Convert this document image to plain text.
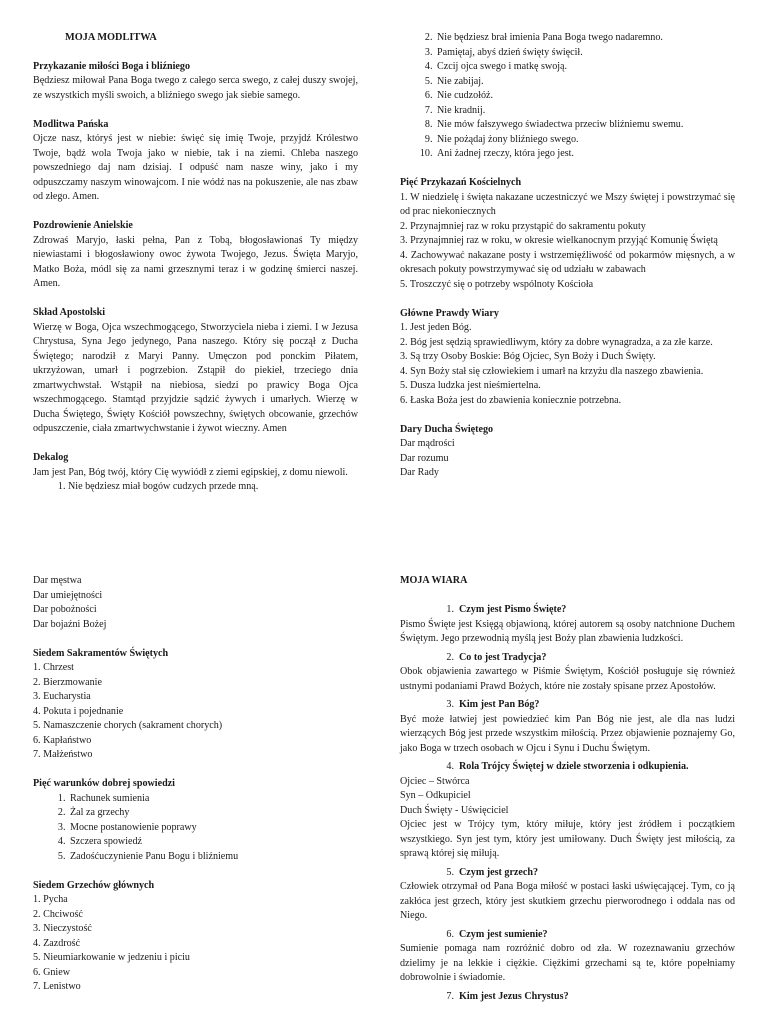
MOJA MODLITWA
Przykazanie miłości Boga i bliźniego
Będziesz miłował Pana Boga twego z całego serca swego, z całej duszy swojej, ze wszystkich myśli swoich, a bliźniego swego jak siebie samego.
Modlitwa Pańska
Ojcze nasz, któryś jest w niebie: święć się imię Twoje, przyjdź Królestwo Twoje, bądź wola Twoja jako w niebie, tak i na ziemi. Chleba naszego powszedniego daj nam dzisiaj. I odpuść nam nasze winy, jako i my odpuszczamy naszym winowajcom. I nie wódź nas na pokuszenie, ale nas zbaw od złego. Amen.
Pozdrowienie Anielskie
Zdrowaś Maryjo, łaski pełna, Pan z Tobą, błogosławionaś Ty między niewiastami i błogosławiony owoc żywota Twojego, Jezus. Święta Maryjo, Matko Boża, módl się za nami grzesznymi teraz i w godzinę śmierci naszej. Amen.
Skład Apostolski
Wierzę w Boga, Ojca wszechmogącego, Stworzyciela nieba i ziemi. I w Jezusa Chrystusa, Syna Jego jedynego, Pana naszego. Który się począł z Ducha Świętego; narodził z Maryi Panny. Umęczon pod ponckim Piłatem, ukrzyżowan, umarł i pogrzebion. Zstąpił do piekieł, trzeciego dnia zmartwychwstał. Wstąpił na niebiosa, siedzi po prawicy Boga Ojca wszechmogącego. Stamtąd przyjdzie sądzić żywych i umarłych. Wierzę w Ducha Świętego, Święty Kościół powszechny, świętych obcowanie, grzechów odpuszczenie, ciała zmartwychwstanie i żywot wieczny. Amen
Dekalog
Jam jest Pan, Bóg twój, który Cię wywiódł z ziemi egipskiej, z domu niewoli.
1. Nie będziesz miał bogów cudzych przede mną.
2. Nie będziesz brał imienia Pana Boga twego nadaremno.
3. Pamiętaj, abyś dzień święty święcił.
4. Czcij ojca swego i matkę swoją.
5. Nie zabijaj.
6. Nie cudzołóż.
7. Nie kradnij.
8. Nie mów fałszywego świadectwa przeciw bliźniemu swemu.
9. Nie pożądaj żony bliźniego swego.
10. Ani żadnej rzeczy, która jego jest.
Pięć Przykazań Kościelnych
1. W niedzielę i święta nakazane uczestniczyć we Mszy świętej i powstrzymać się od prac niekoniecznych
2. Przynajmniej raz w roku przystąpić do sakramentu pokuty
3. Przynajmniej raz w roku, w okresie wielkanocnym przyjąć Komunię Świętą
4. Zachowywać nakazane posty i wstrzemięźliwość od pokarmów mięsnych, a w okresach pokuty powstrzymywać się od udziału w zabawach
5. Troszczyć się o potrzeby wspólnoty Kościoła
Główne Prawdy Wiary
1. Jest jeden Bóg.
2. Bóg jest sędzią sprawiedliwym, który za dobre wynagradza, a za złe karze.
3. Są trzy Osoby Boskie: Bóg Ojciec, Syn Boży i Duch Święty.
4. Syn Boży stał się człowiekiem i umarł na krzyżu dla naszego zbawienia.
5. Dusza ludzka jest nieśmiertelna.
6. Łaska Boża jest do zbawienia koniecznie potrzebna.
Dary Ducha Świętego
Dar mądrości
Dar rozumu
Dar Rady
Dar męstwa
Dar umiejętności
Dar pobożności
Dar bojaźni Bożej
Siedem Sakramentów Świętych
1. Chrzest
2. Bierzmowanie
3. Eucharystia
4. Pokuta i pojednanie
5. Namaszczenie chorych (sakrament chorych)
6. Kapłaństwo
7. Małżeństwo
Pięć warunków dobrej spowiedzi
1. Rachunek sumienia
2. Żal za grzechy
3. Mocne postanowienie poprawy
4. Szczera spowiedź
5. Zadośćuczynienie Panu Bogu i bliźniemu
Siedem Grzechów głównych
1. Pycha
2. Chciwość
3. Nieczystość
4. Zazdrość
5. Nieumiarkowanie w jedzeniu i piciu
6. Gniew
7. Lenistwo
MOJA WIARA
1. Czym jest Pismo Święte?
Pismo Święte jest Księgą objawioną, której autorem są osoby natchnione Duchem Świętym. Jego przewodnią myślą jest Boży plan zbawienia ludzkości.
2. Co to jest Tradycja?
Obok objawienia zawartego w Piśmie Świętym, Kościół posługuje się również ustnymi podaniami Prawd Bożych, które nie zostały spisane przez Apostołów.
3. Kim jest Pan Bóg?
Być może łatwiej jest powiedzieć kim Pan Bóg nie jest, ale dla nas ludzi wierzących Bóg jest przede wszystkim miłością. Przez objawienie poznajemy Go, jako Boga w trzech osobach w Ojcu i Synu i Duchu Świętym.
4. Rola Trójcy Świętej w dziele stworzenia i odkupienia.
Ojciec – Stwórca
Syn – Odkupiciel
Duch Święty - Uświęciciel
Ojciec jest w Trójcy tym, który miłuje, który jest źródłem i początkiem wszystkiego. Syn jest tym, który jest umiłowany. Duch Święty jest miłością, za sprawą której się miłują.
5. Czym jest grzech?
Człowiek otrzymał od Pana Boga miłość w postaci łaski uświęcającej. Tym, co ją zakłóca jest grzech, który jest skutkiem grzechu pierworodnego i oddala nas od Niego.
6. Czym jest sumienie?
Sumienie pomaga nam rozróżnić dobro od zła. W rozeznawaniu grzechów dzielimy je na lekkie i ciężkie. Ciężkimi grzechami są te, które popełniamy dobrowolnie i świadomie.
7. Kim jest Jezus Chrystus?
